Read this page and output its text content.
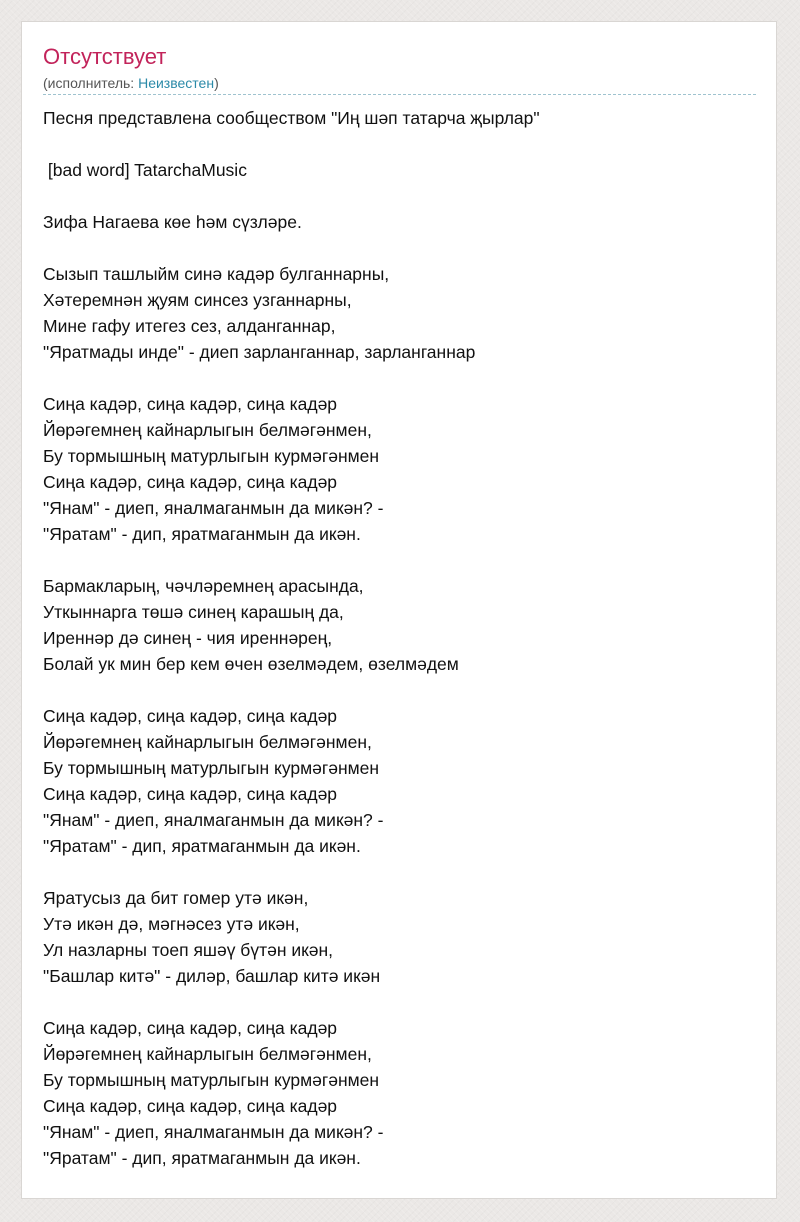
Отсутствует
(исполнитель: Неизвестен)
Песня представлена сообществом "Иң шәп татарча җырлар"
[bad word] TatarchaMusic
Зифа Нагаева көе һәм сүзләре.
Сызып ташлыйм синә кадәр булганнарны,
Хәтеремнән җуям синсез узганнарны,
Мине гафу итегез сез, алданганнар,
"Яратмады инде" - диеп зарланганнар, зарланганнар
Сиңа кадәр, сиңа кадәр, сиңа кадәр
Йөрәгемнең кайнарлыгын белмәгәнмен,
Бу тормышның матурлыгын курмәгәнмен
Сиңа кадәр, сиңа кадәр, сиңа кадәр
"Янам" - диеп, яналмаганмын да микән? -
"Яратам" - дип, яратмаганмын да икән.
Бармакларың, чәчләремнең арасында,
Уткыннарга төшә синең карашың да,
Иреннәр дә синең - чия иреннәрең,
Болай ук мин бер кем өчен өзелмәдем, өзелмәдем
Сиңа кадәр, сиңа кадәр, сиңа кадәр
Йөрәгемнең кайнарлыгын белмәгәнмен,
Бу тормышның матурлыгын курмәгәнмен
Сиңа кадәр, сиңа кадәр, сиңа кадәр
"Янам" - диеп, яналмаганмын да микән? -
"Яратам" - дип, яратмаганмын да икән.
Яратусыз да бит гомер утә икән,
Утә икән дә, мәгнәсез утә икән,
Ул назларны тоеп яшәү бүтән икән,
"Башлар китә" - диләр, башлар китә икән
Сиңа кадәр, сиңа кадәр, сиңа кадәр
Йөрәгемнең кайнарлыгын белмәгәнмен,
Бу тормышның матурлыгын курмәгәнмен
Сиңа кадәр, сиңа кадәр, сиңа кадәр
"Янам" - диеп, яналмаганмын да микән? -
"Яратам" - дип, яратмаганмын да икән.
